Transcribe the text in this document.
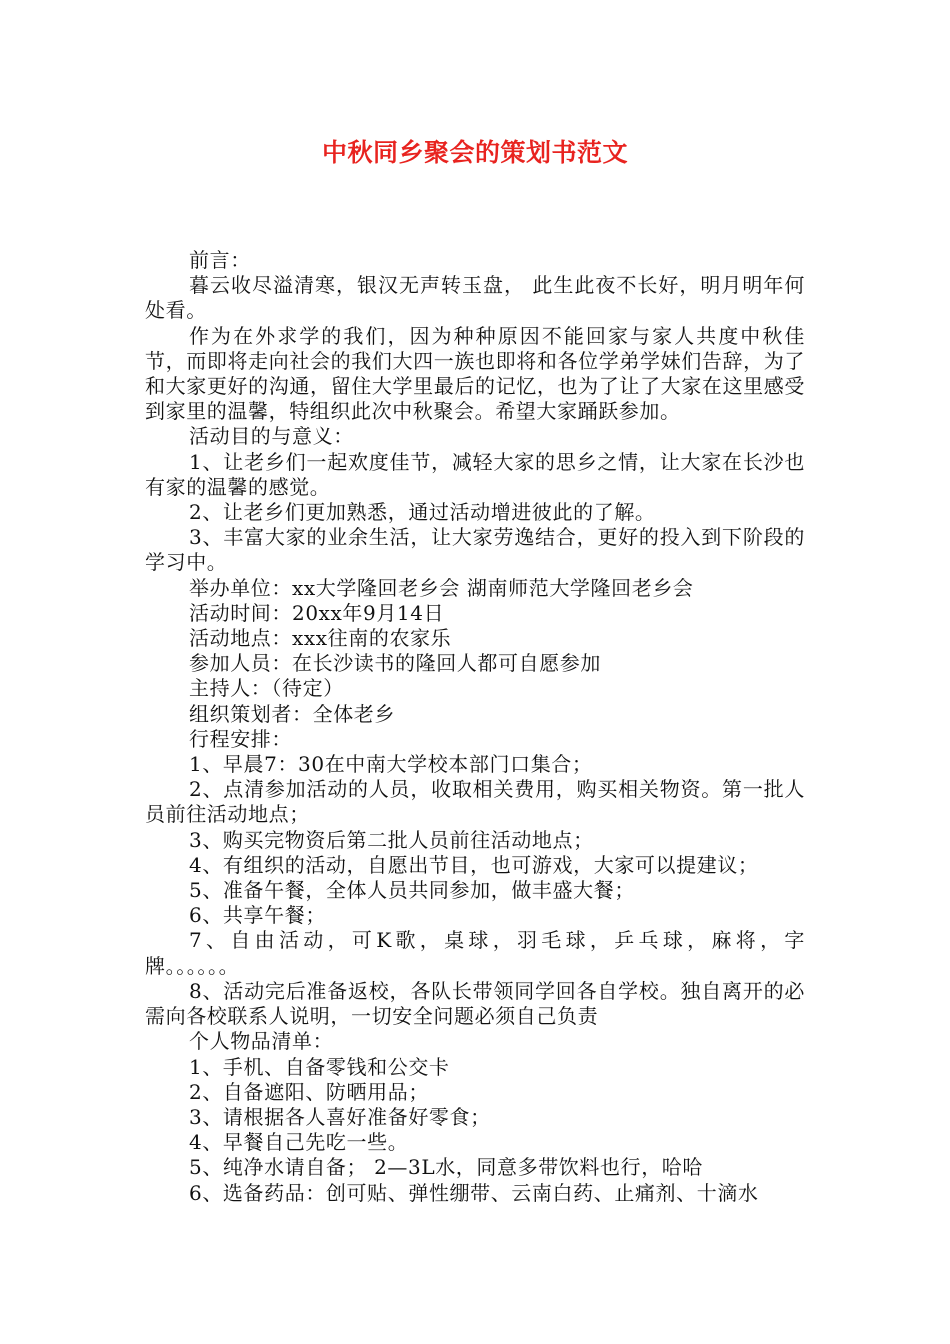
中秋同乡聚会的策划书范文

前言：

暮云收尽溢清寒，银汉无声转玉盘， 此生此夜不长好，明月明年何处看。

作为在外求学的我们，因为种种原因不能回家与家人共度中秋佳节，而即将走向社会的我们大四一族也即将和各位学弟学妹们告辞，为了和大家更好的沟通，留住大学里最后的记忆，也为了让了大家在这里感受到家里的温馨，特组织此次中秋聚会。希望大家踊跃参加。

活动目的与意义：

1、让老乡们一起欢度佳节，减轻大家的思乡之情，让大家在长沙也有家的温馨的感觉。

2、让老乡们更加熟悉，通过活动增进彼此的了解。

3、丰富大家的业余生活，让大家劳逸结合，更好的投入到下阶段的学习中。

举办单位：xx大学隆回老乡会 湖南师范大学隆回老乡会

活动时间：20xx年9月14日

活动地点：xxx往南的农家乐

参加人员：在长沙读书的隆回人都可自愿参加

主持人：（待定）

组织策划者：全体老乡

行程安排：

1、早晨7：30在中南大学校本部门口集合；

2、点清参加活动的人员，收取相关费用，购买相关物资。第一批人员前往活动地点；

3、购买完物资后第二批人员前往活动地点；

4、有组织的活动，自愿出节目，也可游戏，大家可以提建议；

5、准备午餐，全体人员共同参加，做丰盛大餐；

6、共享午餐；

7、自由活动，可K歌，桌球，羽毛球，乒乓球，麻将，字牌。。。。。。

8、活动完后准备返校，各队长带领同学回各自学校。独自离开的必需向各校联系人说明，一切安全问题必须自己负责

个人物品清单：

1、手机、自备零钱和公交卡

2、自备遮阳、防晒用品；

3、请根据各人喜好准备好零食；

4、早餐自己先吃一些。

5、纯净水请自备； 2—3L水，同意多带饮料也行，哈哈

6、选备药品：创可贴、弹性绷带、云南白药、止痛剂、十滴水
